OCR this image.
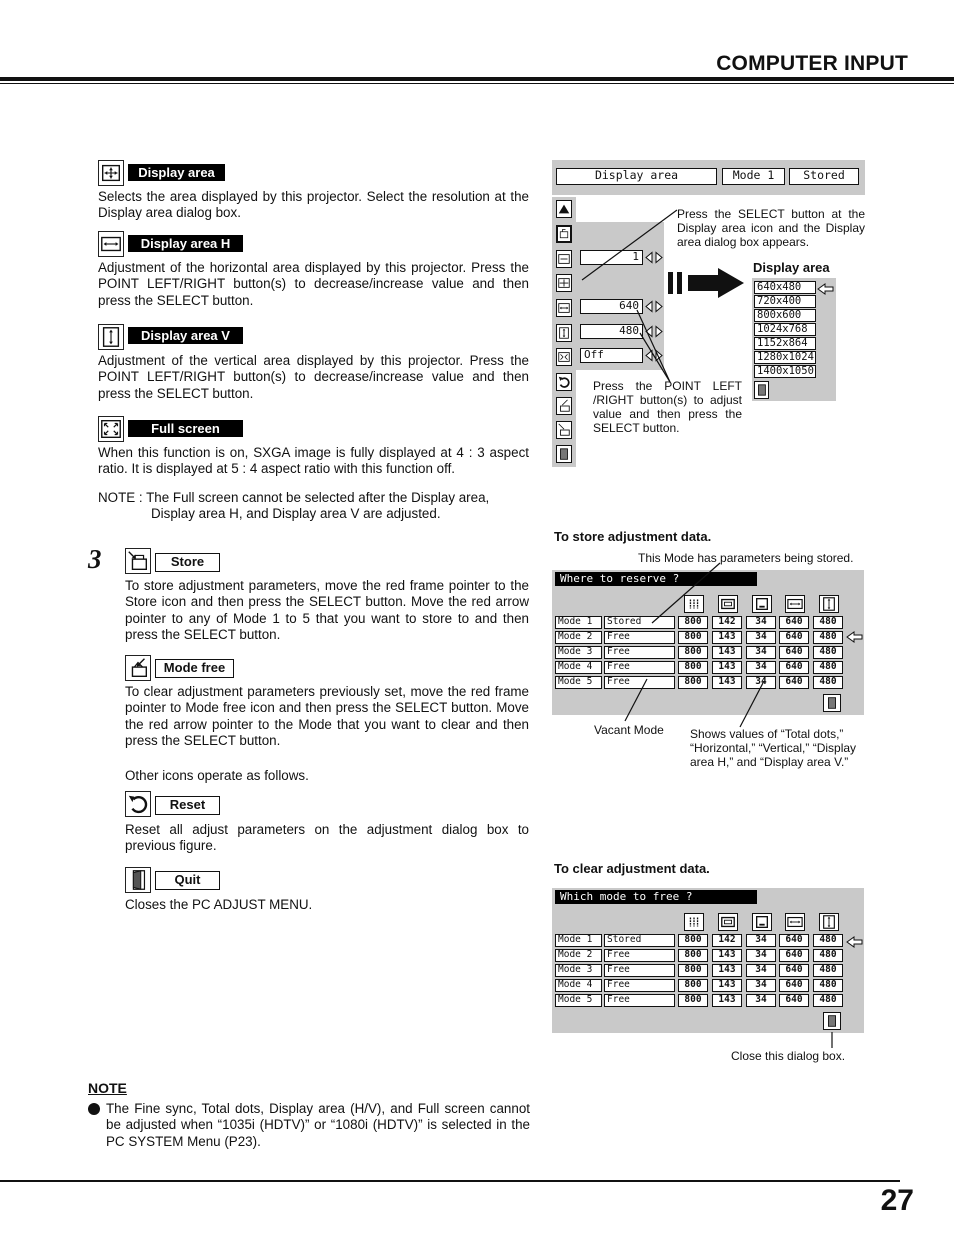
COMPUTER INPUT
Display area
Selects the area displayed by this projector. Select the resolution at the Display area dialog box.
Display area H
Adjustment of the horizontal area displayed by this projector. Press the POINT LEFT/RIGHT button(s) to decrease/increase value and then press the SELECT button.
Display area V
Adjustment of the vertical area displayed by this projector. Press the POINT LEFT/RIGHT button(s) to decrease/increase value and then press the SELECT button.
Full screen
When this function is on, SXGA image is fully displayed at 4 : 3 aspect ratio. It is displayed at 5 : 4 aspect ratio with this function off.
NOTE : The Full screen cannot be selected after the Display area,
Display area H, and Display area V are adjusted.
3	Store
To store adjustment parameters, move the red frame pointer to the Store icon and then press the SELECT button. Move the red arrow pointer to any of Mode 1 to 5 that you want to store to and then press the SELECT button.
Mode free
To clear adjustment parameters previously set, move the red frame pointer to Mode free icon and then press the SELECT button. Move the red arrow pointer to the Mode that you want to clear and then press the SELECT button.
Other icons operate as follows.
Reset
Reset all adjust parameters on the adjustment dialog box to previous figure.
Quit
Closes the PC ADJUST MENU.
NOTE
The Fine sync, Total dots, Display area (H/V), and Full screen cannot be adjusted when “1035i (HDTV)” or “1080i (HDTV)” is selected in the PC SYSTEM Menu (P23).
Display area	Mode 1	Stored
1
640
480
Off
Press the SELECT button at the Display area icon and the Display area dialog box appears.
Press the POINT LEFT /RIGHT button(s) to adjust value and then press the SELECT button.
Display area
640x480
720x400
800x600
1024x768
1152x864
1280x1024
1400x1050
To store adjustment data.
This Mode has parameters being stored.
Where to reserve ?
Mode 1	Stored	800	142	34	640	480
Mode 2	Free	800	143	34	640	480
Mode 3	Free	800	143	34	640	480
Mode 4	Free	800	143	34	640	480
Mode 5	Free	800	143	34	640	480
Vacant Mode Shows values of “Total dots,” “Horizontal,” “Vertical,” “Display area H,” and “Display area V.”
To clear adjustment data.
Which mode to free ?
Mode 1	Stored	800	142	34	640	480
Mode 2	Free	800	143	34	640	480
Mode 3	Free	800	143	34	640	480
Mode 4	Free	800	143	34	640	480
Mode 5	Free	800	143	34	640	480
Close this dialog box.
27
